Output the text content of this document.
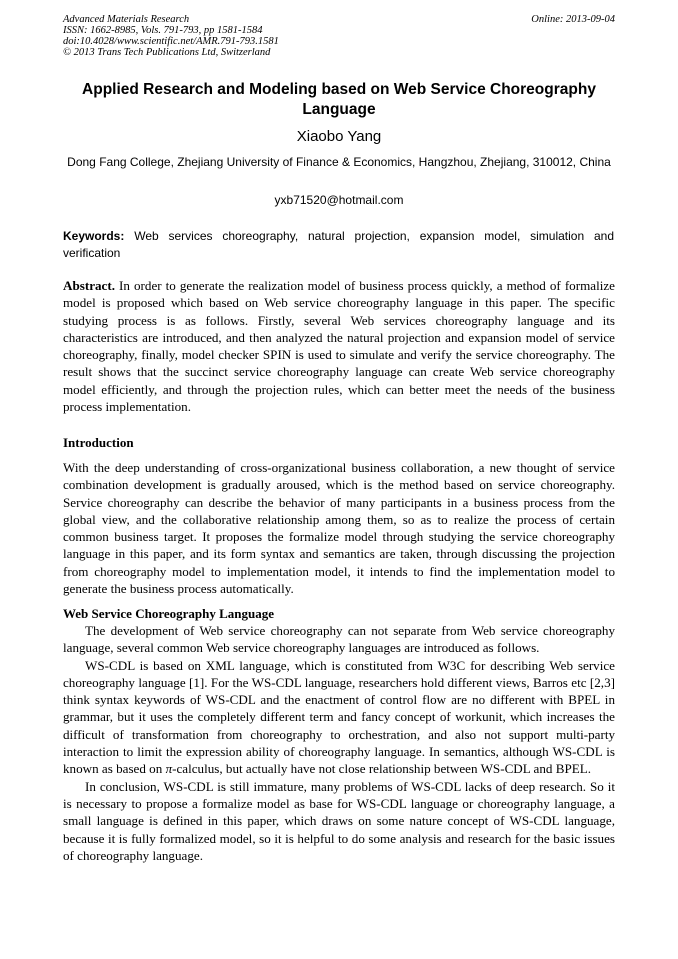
Advanced Materials Research
ISSN: 1662-8985, Vols. 791-793, pp 1581-1584
doi:10.4028/www.scientific.net/AMR.791-793.1581
© 2013 Trans Tech Publications Ltd, Switzerland
Online: 2013-09-04
Applied Research and Modeling based on Web Service Choreography Language
Xiaobo Yang
Dong Fang College, Zhejiang University of Finance & Economics, Hangzhou, Zhejiang, 310012, China
yxb71520@hotmail.com
Keywords: Web services choreography, natural projection, expansion model, simulation and verification
Abstract. In order to generate the realization model of business process quickly, a method of formalize model is proposed which based on Web service choreography language in this paper. The specific studying process is as follows. Firstly, several Web services choreography language and its characteristics are introduced, and then analyzed the natural projection and expansion model of service choreography, finally, model checker SPIN is used to simulate and verify the service choreography. The result shows that the succinct service choreography language can create Web service choreography model efficiently, and through the projection rules, which can better meet the needs of the business process implementation.
Introduction
With the deep understanding of cross-organizational business collaboration, a new thought of service combination development is gradually aroused, which is the method based on service choreography. Service choreography can describe the behavior of many participants in a business process from the global view, and the collaborative relationship among them, so as to realize the process of certain common business target. It proposes the formalize model through studying the service choreography language in this paper, and its form syntax and semantics are taken, through discussing the projection from choreography model to implementation model, it intends to find the implementation model to generate the business process automatically.
Web Service Choreography Language

The development of Web service choreography can not separate from Web service choreography language, several common Web service choreography languages are introduced as follows.

WS-CDL is based on XML language, which is constituted from W3C for describing Web service choreography language [1]. For the WS-CDL language, researchers hold different views, Barros etc [2,3] think syntax keywords of WS-CDL and the enactment of control flow are no different with BPEL in grammar, but it uses the completely different term and fancy concept of workunit, which increases the difficult of transformation from choreography to orchestration, and also not support multi-party interaction to limit the expression ability of choreography language. In semantics, although WS-CDL is known as based on π-calculus, but actually have not close relationship between WS-CDL and BPEL.

In conclusion, WS-CDL is still immature, many problems of WS-CDL lacks of deep research. So it is necessary to propose a formalize model as base for WS-CDL language or choreography language, a small language is defined in this paper, which draws on some nature concept of WS-CDL language, because it is fully formalized model, so it is helpful to do some analysis and research for the basic issues of choreography language.
